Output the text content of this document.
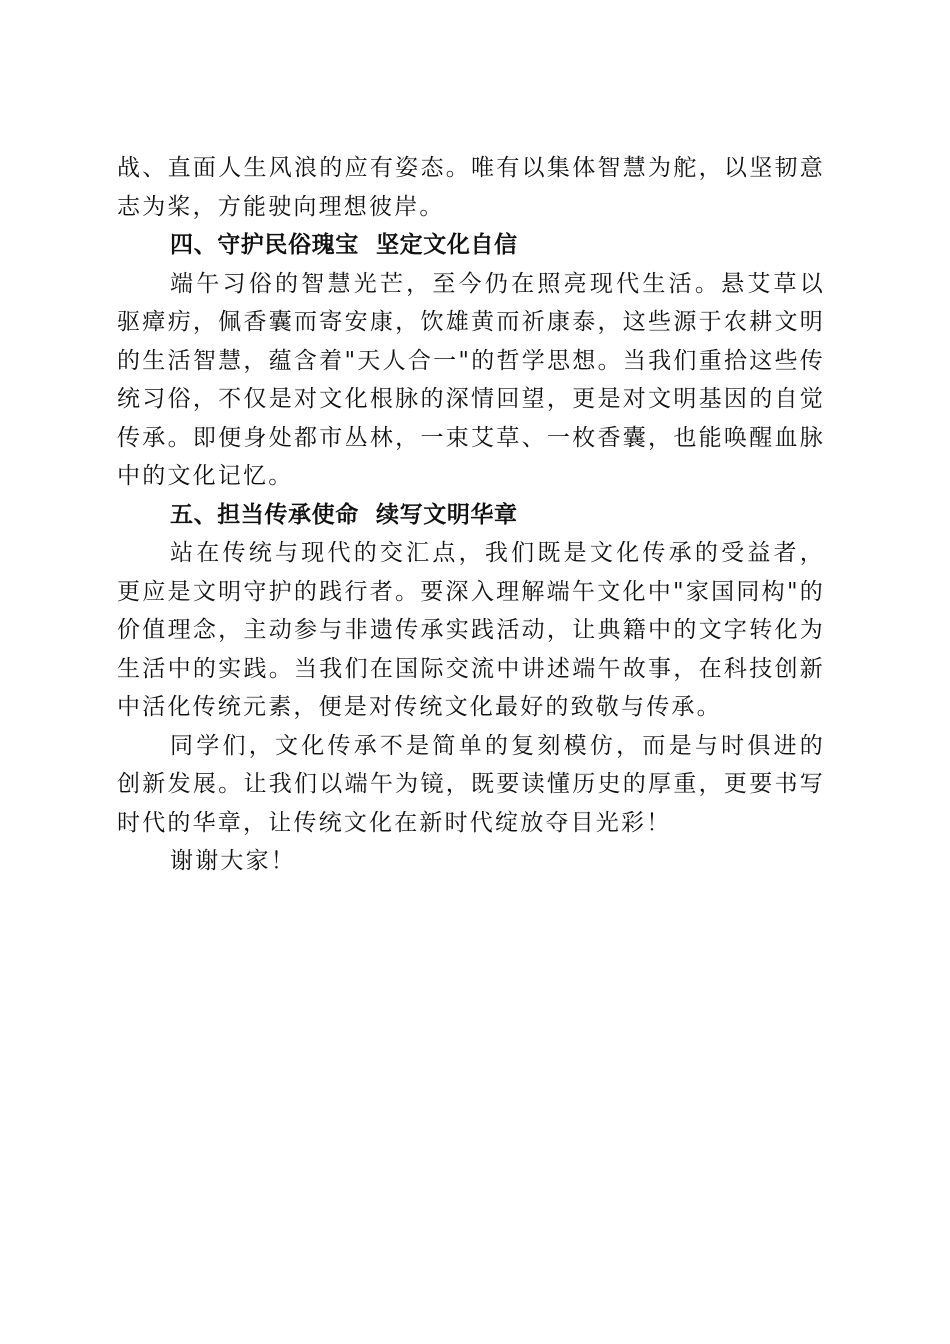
战、直面人生风浪的应有姿态。唯有以集体智慧为舵，以坚韧意志为桨，方能驶向理想彼岸。

四、守护民俗瑰宝  坚定文化自信

端午习俗的智慧光芒，至今仍在照亮现代生活。悬艾草以驱瘴疠，佩香囊而寄安康，饮雄黄而祈康泰，这些源于农耕文明的生活智慧，蕴含着"天人合一"的哲学思想。当我们重拾这些传统习俗，不仅是对文化根脉的深情回望，更是对文明基因的自觉传承。即便身处都市丛林，一束艾草、一枚香囊，也能唤醒血脉中的文化记忆。

五、担当传承使命  续写文明华章

站在传统与现代的交汇点，我们既是文化传承的受益者，更应是文明守护的践行者。要深入理解端午文化中"家国同构"的价值理念，主动参与非遗传承实践活动，让典籍中的文字转化为生活中的实践。当我们在国际交流中讲述端午故事，在科技创新中活化传统元素，便是对传统文化最好的致敬与传承。

同学们，文化传承不是简单的复刻模仿，而是与时俱进的创新发展。让我们以端午为镜，既要读懂历史的厚重，更要书写时代的华章，让传统文化在新时代绽放夺目光彩！

谢谢大家！
